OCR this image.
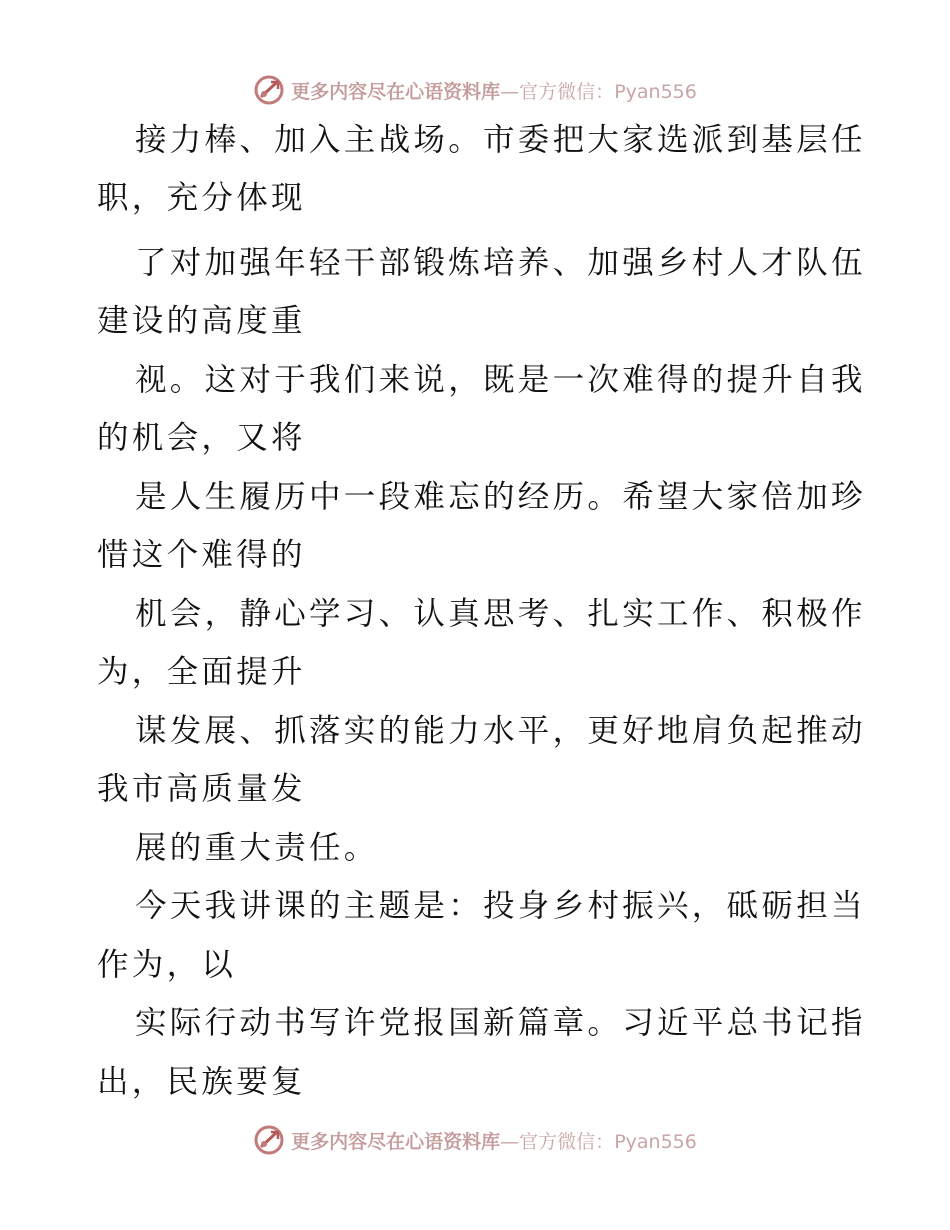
更多内容尽在心语资料库—官方微信：Pyan556
接力棒、加入主战场。市委把大家选派到基层任
职，充分体现
了对加强年轻干部锻炼培养、加强乡村人才队伍
建设的高度重
视。这对于我们来说，既是一次难得的提升自我
的机会，又将
是人生履历中一段难忘的经历。希望大家倍加珍
惜这个难得的
机会，静心学习、认真思考、扎实工作、积极作
为，全面提升
谋发展、抓落实的能力水平，更好地肩负起推动
我市高质量发
展的重大责任。
今天我讲课的主题是：投身乡村振兴，砥砺担当
作为，以
实际行动书写许党报国新篇章。习近平总书记指
出，民族要复
更多内容尽在心语资料库—官方微信：Pyan556
